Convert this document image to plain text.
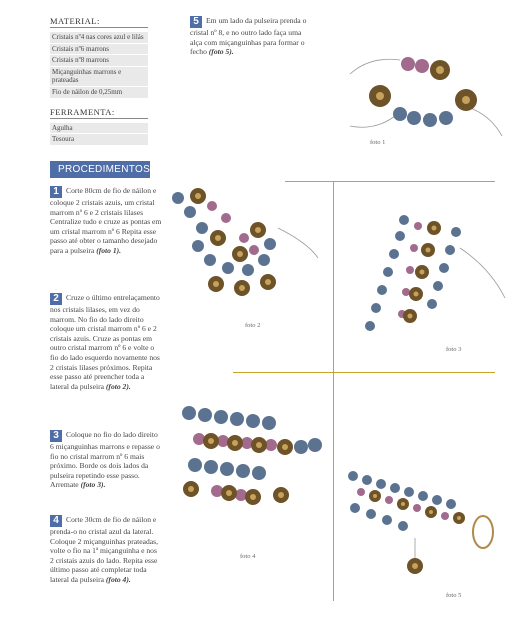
MATERIAL:
Cristais nº4 nas cores azul e lilás
Cristais nº6 marrons
Cristais nº8 marrons
Miçanguinhas marrons e prateadas
Fio de náilon de 0,25mm
FERRAMENTA:
Agulha
Tesoura
PROCEDIMENTOS
1 Corte 80cm de fio de náilon e coloque 2 cristais azuis, um cristal marrom nº 6 e 2 cristais lilases Centralize tudo e cruze as pontas em um cristal marrom nº 6 Repita esse passo até obter o tamanho desejado para a pulseira (foto 1).
2 Cruze o último entrelaçamento nos cristais lilases, em vez do marrom. No fio do lado direito coloque um cristal marrom nº 6 e 2 cristais azuis. Cruze as pontas em outro cristal marrom nº 6 e volte o fio do lado esquerdo novamente nos 2 cristais lilases próximos. Repita esse passo até preencher toda a lateral da pulseira (foto 2).
3 Coloque no fio do lado direito 6 miçanguinhas marrons e repasse o fio no cristal marrom nº 6 mais próximo. Borde os dois lados da pulseira repetindo esse passo. Arremate (foto 3).
4 Corte 30cm de fio de náilon e prenda-o no cristal azul da lateral. Coloque 2 miçanguinhas prateadas, volte o fio na 1ª miçanguinha e nos 2 cristais azuis do lado. Repita esse último passo até completar toda lateral da pulseira (foto 4).
5 Em um lado da pulseira prenda o cristal nº 8, e no outro lado faça uma alça com miçanguinhas para formar o fecho (foto 5).
foto 1
foto 2
foto 3
foto 4
foto 5
